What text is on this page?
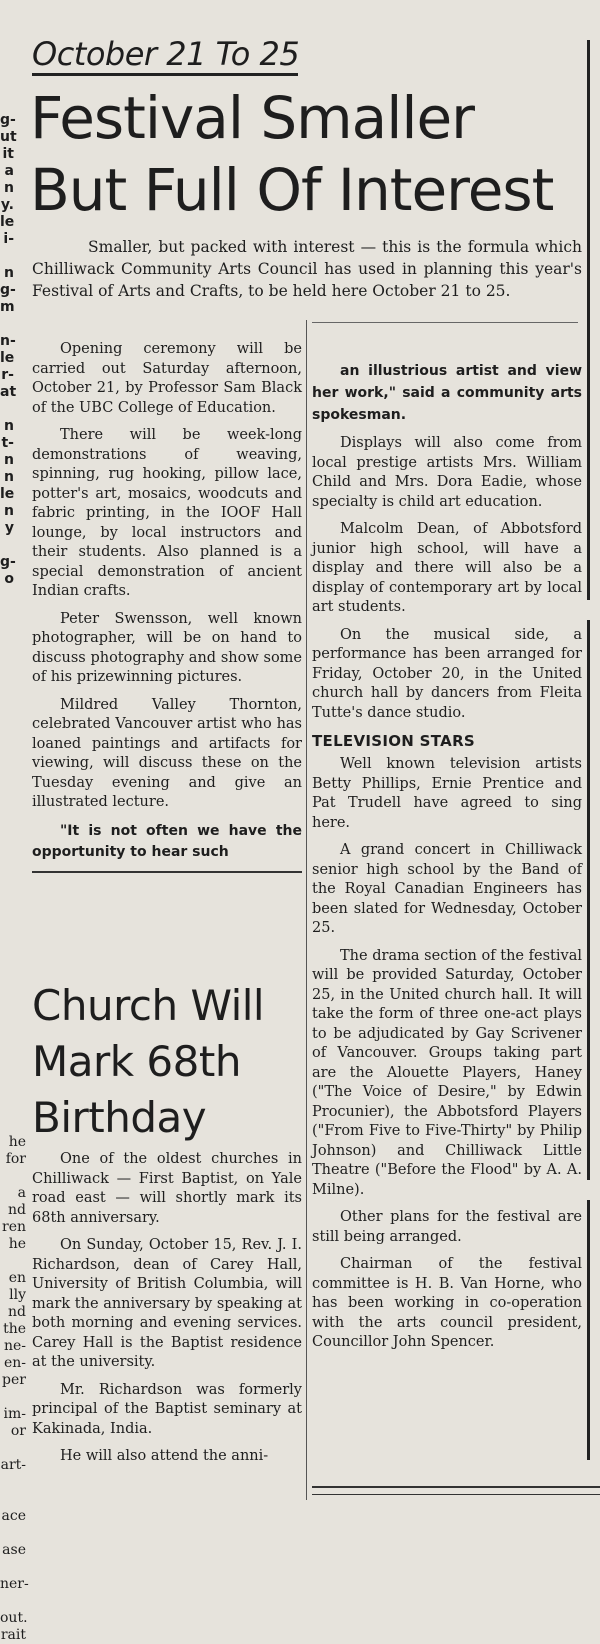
g-
ut
it
a
n
y.
le
i-

n
g-
m

n-
le
r-
at

n
t-
n
n
le
n
y

g-
o
he
for

a
nd
ren
he

en
lly
nd
the
ne-
en-
per

im-
or

art-

ace

ase

ner-

out.
rait
October 21 To 25
Festival Smaller
But Full Of Interest

Smaller, but packed with interest — this is the formula which Chilliwack Community Arts Council has used in planning this year's Festival of Arts and Crafts, to be held here October 21 to 25.

Opening ceremony will be carried out Saturday afternoon, October 21, by Professor Sam Black of the UBC College of Education.

There will be week-long demonstrations of weaving, spinning, rug hooking, pillow lace, potter's art, mosaics, woodcuts and fabric printing, in the IOOF Hall lounge, by local instructors and their students. Also planned is a special demonstration of ancient Indian crafts.

Peter Swensson, well known photographer, will be on hand to discuss photography and show some of his prizewinning pictures.

Mildred Valley Thornton, celebrated Vancouver artist who has loaned paintings and artifacts for viewing, will discuss these on the Tuesday evening and give an illustrated lecture.

"It is not often we have the opportunity to hear such

an illustrious artist and view her work," said a community arts spokesman.

Displays will also come from local prestige artists Mrs. William Child and Mrs. Dora Eadie, whose specialty is child art education.

Malcolm Dean, of Abbotsford junior high school, will have a display and there will also be a display of contemporary art by local art students.

On the musical side, a performance has been arranged for Friday, October 20, in the United church hall by dancers from Fleita Tutte's dance studio.

TELEVISION STARS

Well known television artists Betty Phillips, Ernie Prentice and Pat Trudell have agreed to sing here.

A grand concert in Chilliwack senior high school by the Band of the Royal Canadian Engineers has been slated for Wednesday, October 25.

The drama section of the festival will be provided Saturday, October 25, in the United church hall. It will take the form of three one-act plays to be adjudicated by Gay Scrivener of Vancouver. Groups taking part are the Alouette Players, Haney ("The Voice of Desire," by Edwin Procunier), the Abbotsford Players ("From Five to Five-Thirty" by Philip Johnson) and Chilliwack Little Theatre ("Before the Flood" by A. A. Milne).

Other plans for the festival are still being arranged.

Chairman of the festival committee is H. B. Van Horne, who has been working in co-operation with the arts council president, Councillor John Spencer.

Church Will
Mark 68th
Birthday

One of the oldest churches in Chilliwack — First Baptist, on Yale road east — will shortly mark its 68th anniversary.

On Sunday, October 15, Rev. J. I. Richardson, dean of Carey Hall, University of British Columbia, will mark the anniversary by speaking at both morning and evening services. Carey Hall is the Baptist residence at the university.

Mr. Richardson was formerly principal of the Baptist seminary at Kakinada, India.

He will also attend the anni-
